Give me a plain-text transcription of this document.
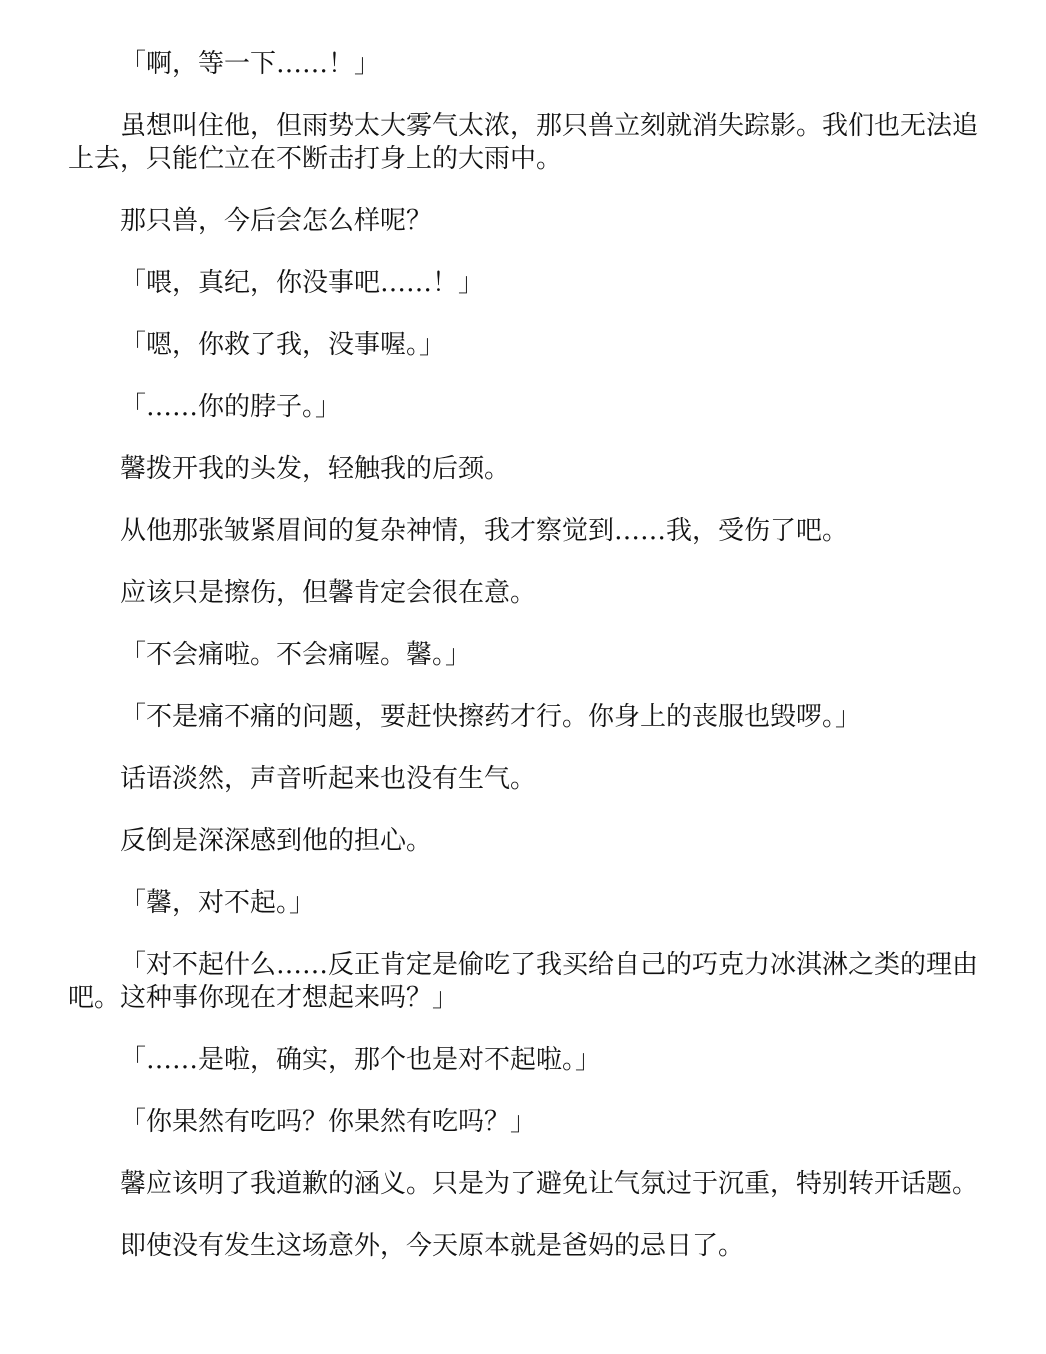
「啊，等一下……！」

虽想叫住他，但雨势太大雾气太浓，那只兽立刻就消失踪影。我们也无法追上去，只能伫立在不断击打身上的大雨中。

那只兽，今后会怎么样呢？

「喂，真纪，你没事吧……！」

「嗯，你救了我，没事喔。」

「……你的脖子。」

馨拨开我的头发，轻触我的后颈。

从他那张皱紧眉间的复杂神情，我才察觉到……我，受伤了吧。

应该只是擦伤，但馨肯定会很在意。

「不会痛啦。不会痛喔。馨。」

「不是痛不痛的问题，要赶快擦药才行。你身上的丧服也毁啰。」

话语淡然，声音听起来也没有生气。

反倒是深深感到他的担心。

「馨，对不起。」

「对不起什么……反正肯定是偷吃了我买给自己的巧克力冰淇淋之类的理由吧。这种事你现在才想起来吗？」

「……是啦，确实，那个也是对不起啦。」

「你果然有吃吗？你果然有吃吗？」

馨应该明了我道歉的涵义。只是为了避免让气氛过于沉重，特别转开话题。

即使没有发生这场意外，今天原本就是爸妈的忌日了。
